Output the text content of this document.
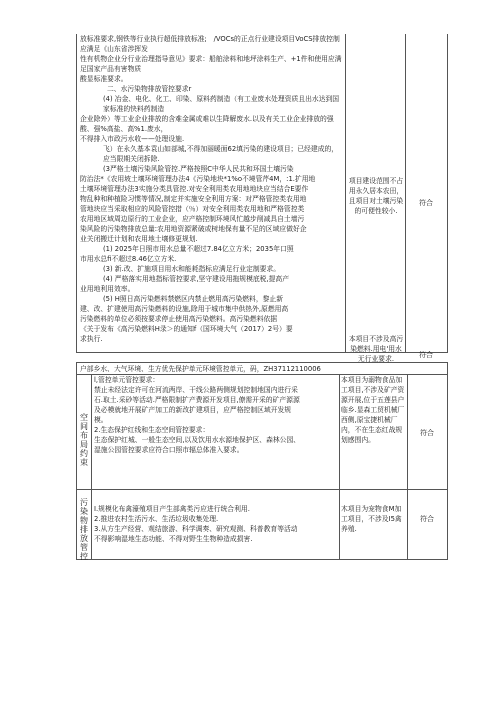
放标准要求,钢铁等行业执行超低排放标准;　/VOCs的正点行业建设项目VoCS排放控制应满足《山东省涉挥发

性有机物企业分行业治理指导意见》要求：船舶涂料和地坪涂料生产、+1件和使用应满足国家产品有害物质

酸显标准要求。

二、水污染物排放管控要求r

(4) 冶金、电化、化工、印染、原料药制造（有工业废水处理资质且出水达到国家标准的快料药制造

企业除外）等工业企业排放的含难金属或难以生降解废水.以及有关工业企业排放的强酸、强%高盐、高%1.废水，

不得排入市政污水收——处理设施.

飞）在永久基本袁山如部城,不得加丽暖面62填污染的建设项目；已经建成的，应当限期关闭拆除.

(3严格土壤污染风险管控.严格按照C中华人民共和环国土壤污染

防治法*《农用坡土壤环境管理办法4《污染地块*1%o不境管芹4M，:1.扩用地

土壤环境管理办法3实施分类具管控.对安全利用类农用地地块应当结合E要作

物乱种和种植险习惯等情况,制定并实施安全利用方案：对严格管控类农用地

管地块应当采取相应的风险管控措（％）对安全利用类农用地和严格管控类

农用地区域周边原行的工业企业，应产格控制环境风忙越步削减具自土墙污

染风险的污染物排放总量:农用地资源紧破或树地保有量不足的区域应做好企

业关闭搬迁计划和农用地土壤修更规划.

(1) 2025年日照市用水总量不超过7.84亿立方米；2035年口照

市用水总fi不超过8.46亿立方米.

(3) 新.改、扩施项目用水和能耗指标应满足行业定制要求。

(4) 严格落实用地指标管控要求,坚守建设用拖规模底税,提高产

业用地利用效率。

(5) H照日高污染燃料禁燃区内禁止燃用高污染燃料，黎止新

建、改、扩建使用高污染燃料的设施,除用于城市集中供热外,原燃用高

污染燃料的单位必须按要求停止使用高污染燃料。高污染燃料依据

《关于发布《高污染燃料H录＞的通知f（国环境大气（2017）2号）要

求执行.

项目建设范围不占用永久居本农田，且项目对土壤污染的可便性较小.
本项目不涉及高污染燃料.用电'用水无行业要求.
符合
符合
户部乡水、大气环境、生方优先保护单元环境管控单元，码，ZH37112110006
空间布局约束

l,管控单元管控要求：

禁止未经法定许可在河流两岸、干线公路两侧规划控制地国内进行采

石.取土.采砂等活动.严格限制扩产费源开发项目,僚需开采的矿产源源

及必模就地开展矿产加工的新改扩建项目，应严格控制区域开发规

模。

2.生态保护红线和生态空间管控要求：

生态保护红城、一般生态空间,以及饮用水水源地保护区、森林公园、

湿施公园管控要求应符合口照市辐总体准入要求。

本项目为溺物食品加工项目,不涉及矿产资源开展,位于五莲县户临乡.显森工贸机械厂西侧,原宝捷机械厂内，不在生态红战规划感围内。

符合
污染物排放管控

I.规模化布禽濠殖项目产生部禽类污应进行统合利用.

2.推进农村生活污水、生活垃圾收集处理.

3.从方生产经营、观结旅游、科学调奏、研究观测、科普教育等活动

不得影响湿地生态功能、不得对野生生物种造成损害.

木项目为宠物食M加工项目，不涉及I5禽养殖.

符合
